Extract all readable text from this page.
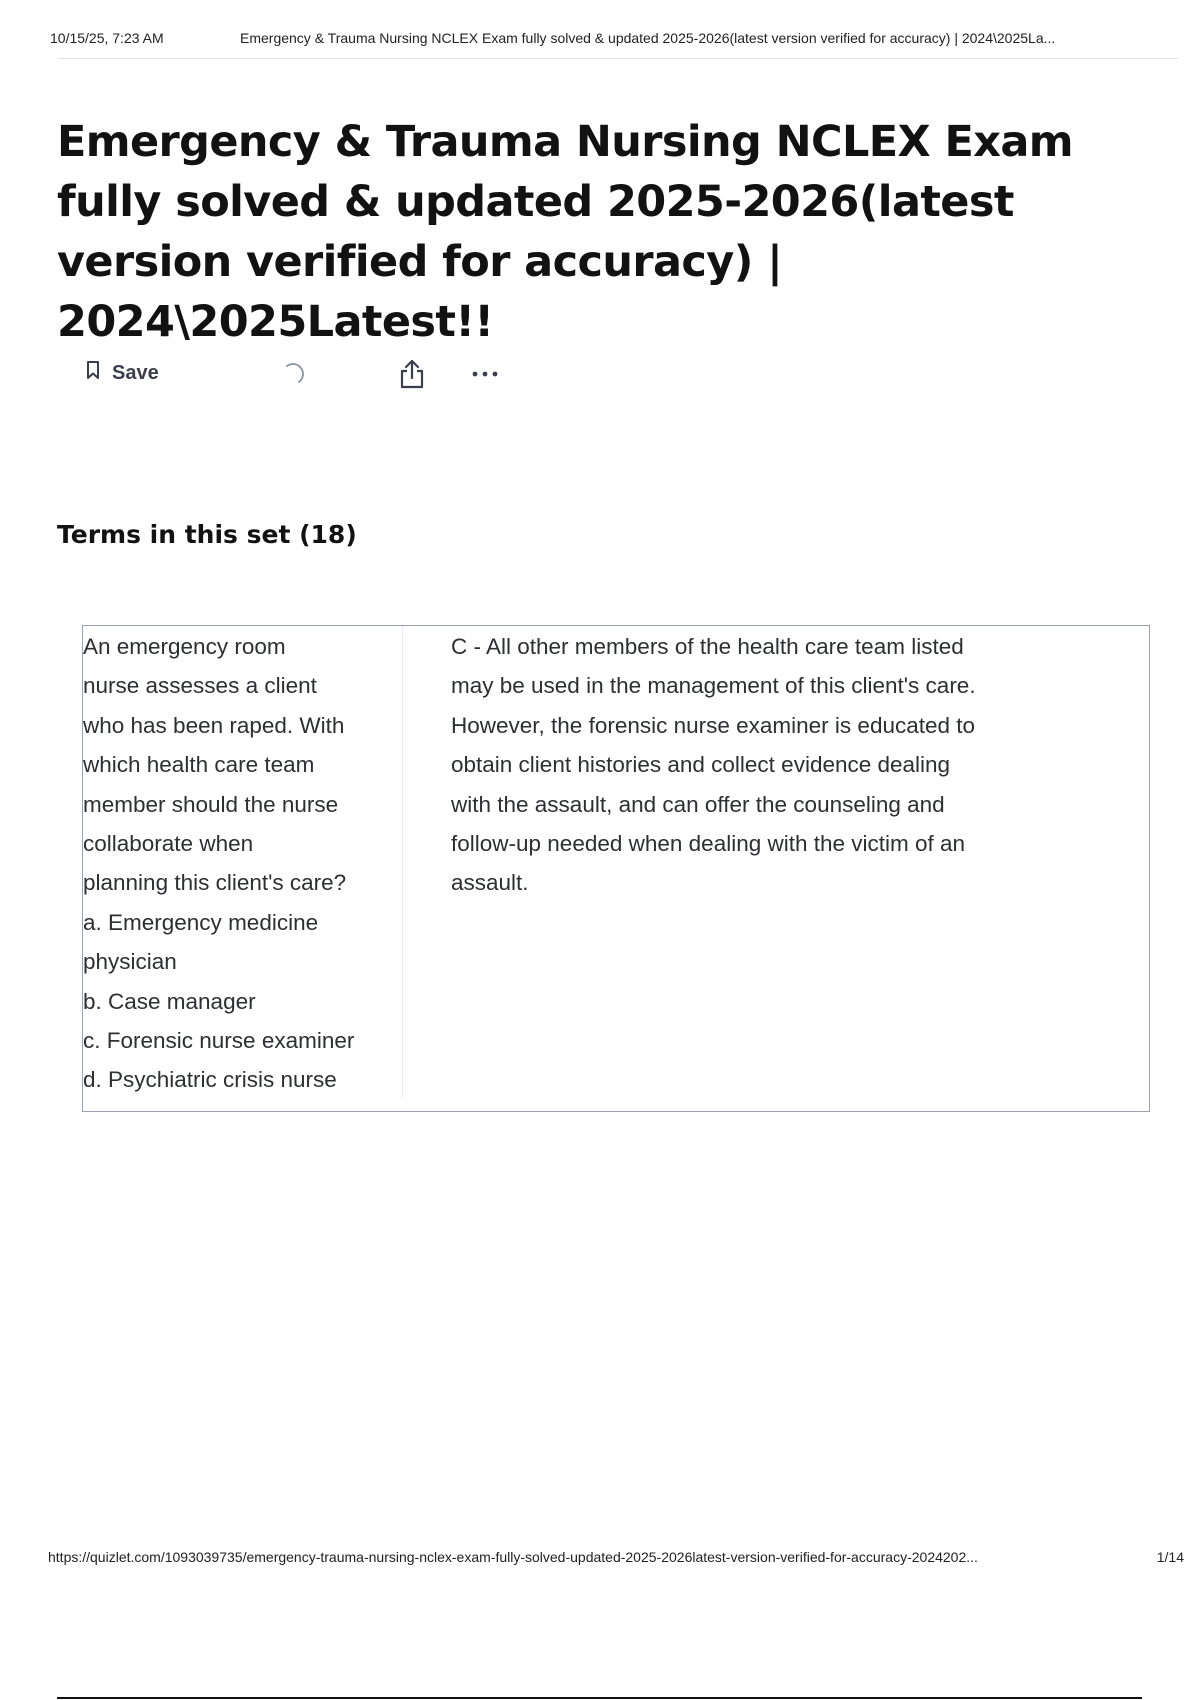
10/15/25, 7:23 AM	Emergency & Trauma Nursing NCLEX Exam fully solved & updated 2025-2026(latest version verified for accuracy) | 2024\2025La...
Emergency & Trauma Nursing NCLEX Exam fully solved & updated 2025-2026(latest version verified for accuracy) | 2024\2025Latest!!
Save
Terms in this set (18)
An emergency room
nurse assesses a client
who has been raped. With
which health care team
member should the nurse
collaborate when
planning this client's care?
a. Emergency medicine
physician
b. Case manager
c. Forensic nurse examiner
d. Psychiatric crisis nurse
C - All other members of the health care team listed
may be used in the management of this client's care.
However, the forensic nurse examiner is educated to
obtain client histories and collect evidence dealing
with the assault, and can offer the counseling and
follow-up needed when dealing with the victim of an
assault.
https://quizlet.com/1093039735/emergency-trauma-nursing-nclex-exam-fully-solved-updated-2025-2026latest-version-verified-for-accuracy-2024202...	1/14
